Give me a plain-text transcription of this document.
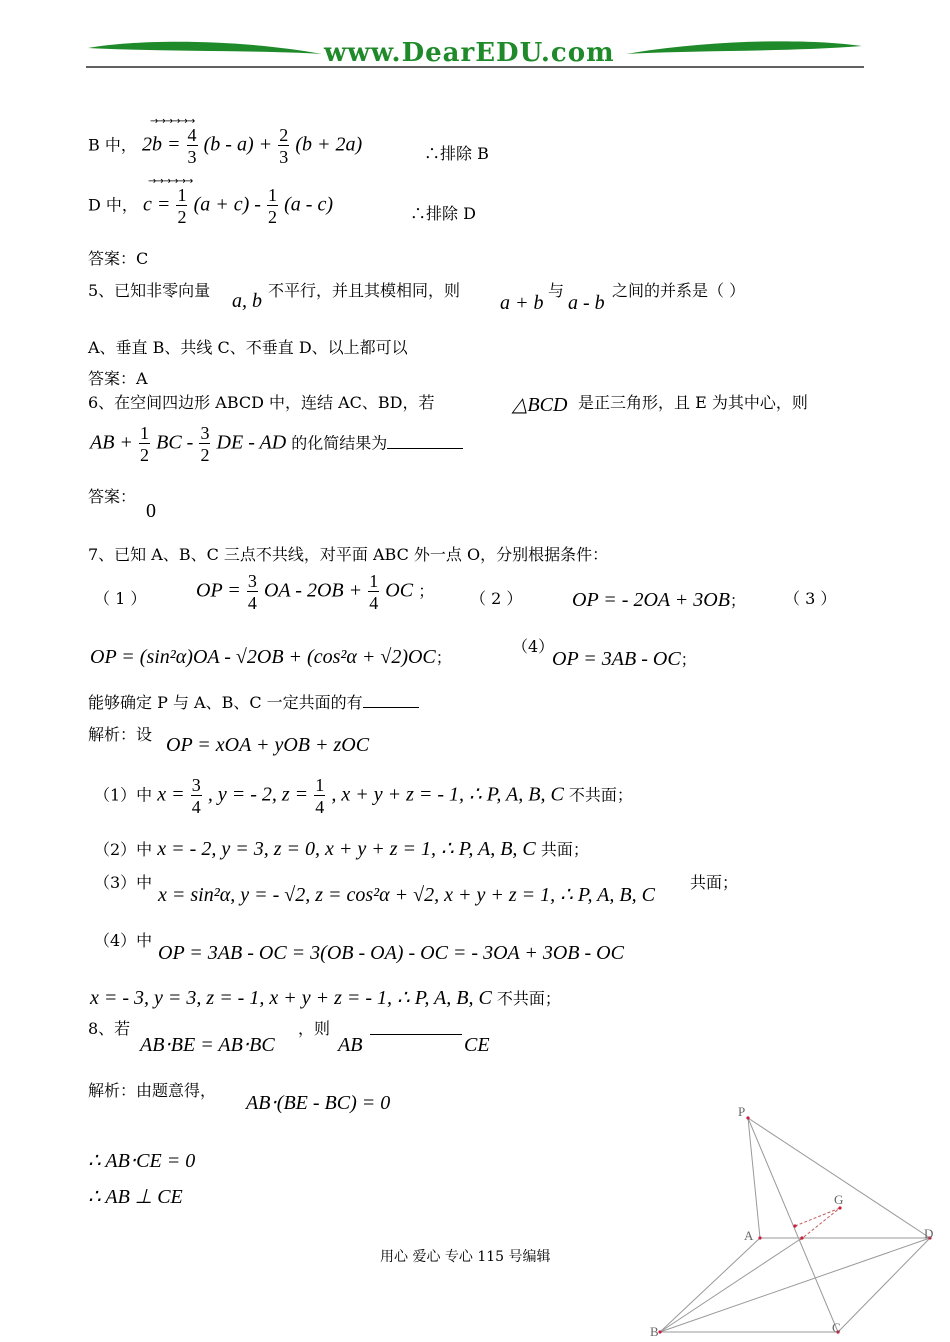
www.DearEDU.com
→→→→→→
B 中， $2b = \frac{4}{3} (b - a) + \frac{2}{3} (b + 2a)$	∴排除 B
→→→→→→
D 中， $c = \frac{1}{2} (a + c) - \frac{1}{2} (a - c)$	∴排除 D
答案：C
5、已知非零向量 a, b 不平行，并且其模相同，则
a + b
与
a - b
之间的并系是（ ）
A、垂直 B、共线 C、不垂直 D、以上都可以
答案：A
6、在空间四边形 ABCD 中，连结 AC、BD，若	△BCD 是正三角形，且 E 为其中心，则
AB + $\frac{1}{2}$ BC - $\frac{3}{2}$ DE - AD 的化简结果为
答案：
0
7、已知 A、B、C 三点不共线，对平面 ABC 外一点 O，分别根据条件：
（ 1 ） OP = $\frac{3}{4}$ OA - $2OB + \frac{1}{4}$ OC ； （ 2 ） OP = - 2OA + 3OB； （ 3 ）
OP = (sin²α)OA - √2OB + (cos²α + √2)OC；
（4）
OP = 3AB - OC；
能够确定 P 与 A、B、C 一定共面的有
解析：设 OP = xOA + yOB + zOC
（1）中 $x = \frac{3}{4}$ , y = - 2, $z = \frac{1}{4}$ , x + y + z = - 1, ∴ P, A, B, C 不共面；
（2）中 x = - 2, y = 3, z = 0, x + y + z = 1, ∴ P, A, B, C 共面；
（3）中
x = sin²α, y = - √2, z = cos²α + √2, x + y + z = 1, ∴ P, A, B, C
共面；
（4）中
OP = 3AB - OC = 3(OB - OA) - OC = - 3OA + 3OB - OC
x = - 3, y = 3, z = - 1, x + y + z = - 1, ∴ P, A, B, C 不共面；
8、若
AB⋅BE = AB⋅BC
，则
AB	CE
解析：由题意得，
AB⋅(BE - BC) = 0
∴ AB⋅CE = 0
∴ AB ⊥ CE
P
G
A	D
B	C
用心 爱心 专心 115 号编辑
